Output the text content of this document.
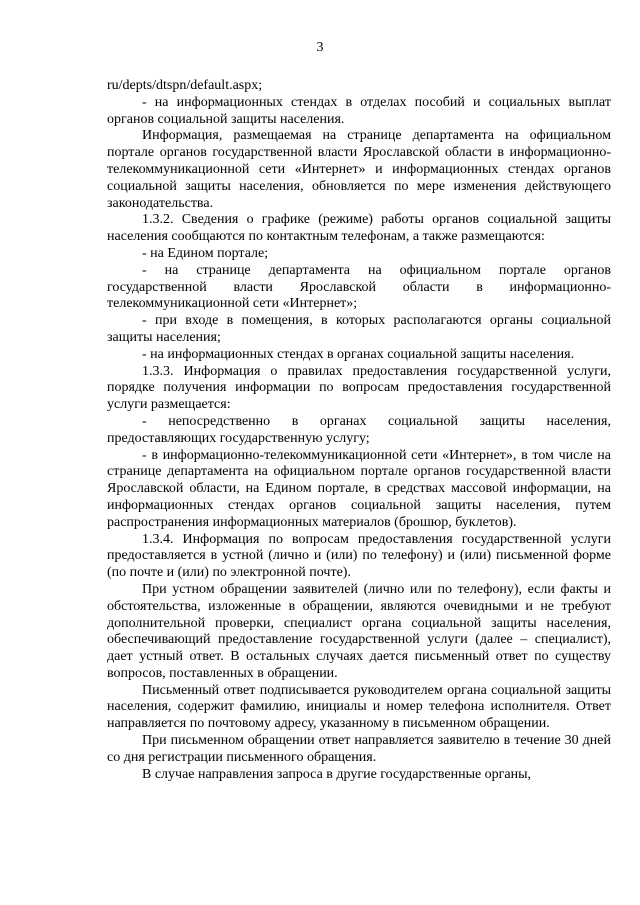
3

ru/depts/dtspn/default.aspx;

- на информационных стендах в отделах пособий и социальных выплат органов социальной защиты населения.

Информация, размещаемая на странице департамента на официальном портале органов государственной власти Ярославской области в информационно-телекоммуникационной сети «Интернет» и информационных стендах органов социальной защиты населения, обновляется по мере изменения действующего законодательства.

1.3.2. Сведения о графике (режиме) работы органов социальной защиты населения сообщаются по контактным телефонам, а также размещаются:

- на Едином портале;

- на странице департамента на официальном портале органов государственной власти Ярославской области в информационно-телекоммуникационной сети «Интернет»;

- при входе в помещения, в которых располагаются органы социальной защиты населения;

- на информационных стендах в органах социальной защиты населения.

1.3.3. Информация о правилах предоставления государственной услуги, порядке получения информации по вопросам предоставления государственной услуги размещается:

- непосредственно в органах социальной защиты населения, предоставляющих государственную услугу;

- в информационно-телекоммуникационной сети «Интернет», в том числе на странице департамента на официальном портале органов государственной власти Ярославской области, на Едином портале, в средствах массовой информации, на информационных стендах органов социальной защиты населения, путем распространения информационных материалов (брошюр, буклетов).

1.3.4. Информация по вопросам предоставления государственной услуги предоставляется в устной (лично и (или) по телефону) и (или) письменной форме (по почте и (или) по электронной почте).

При устном обращении заявителей (лично или по телефону), если факты и обстоятельства, изложенные в обращении, являются очевидными и не требуют дополнительной проверки, специалист органа социальной защиты населения, обеспечивающий предоставление государственной услуги (далее – специалист), дает устный ответ. В остальных случаях дается письменный ответ по существу вопросов, поставленных в обращении.

Письменный ответ подписывается руководителем органа социальной защиты населения, содержит фамилию, инициалы и номер телефона исполнителя. Ответ направляется по почтовому адресу, указанному в письменном обращении.

При письменном обращении ответ направляется заявителю в течение 30 дней со дня регистрации письменного обращения.

В случае направления запроса в другие государственные органы,
